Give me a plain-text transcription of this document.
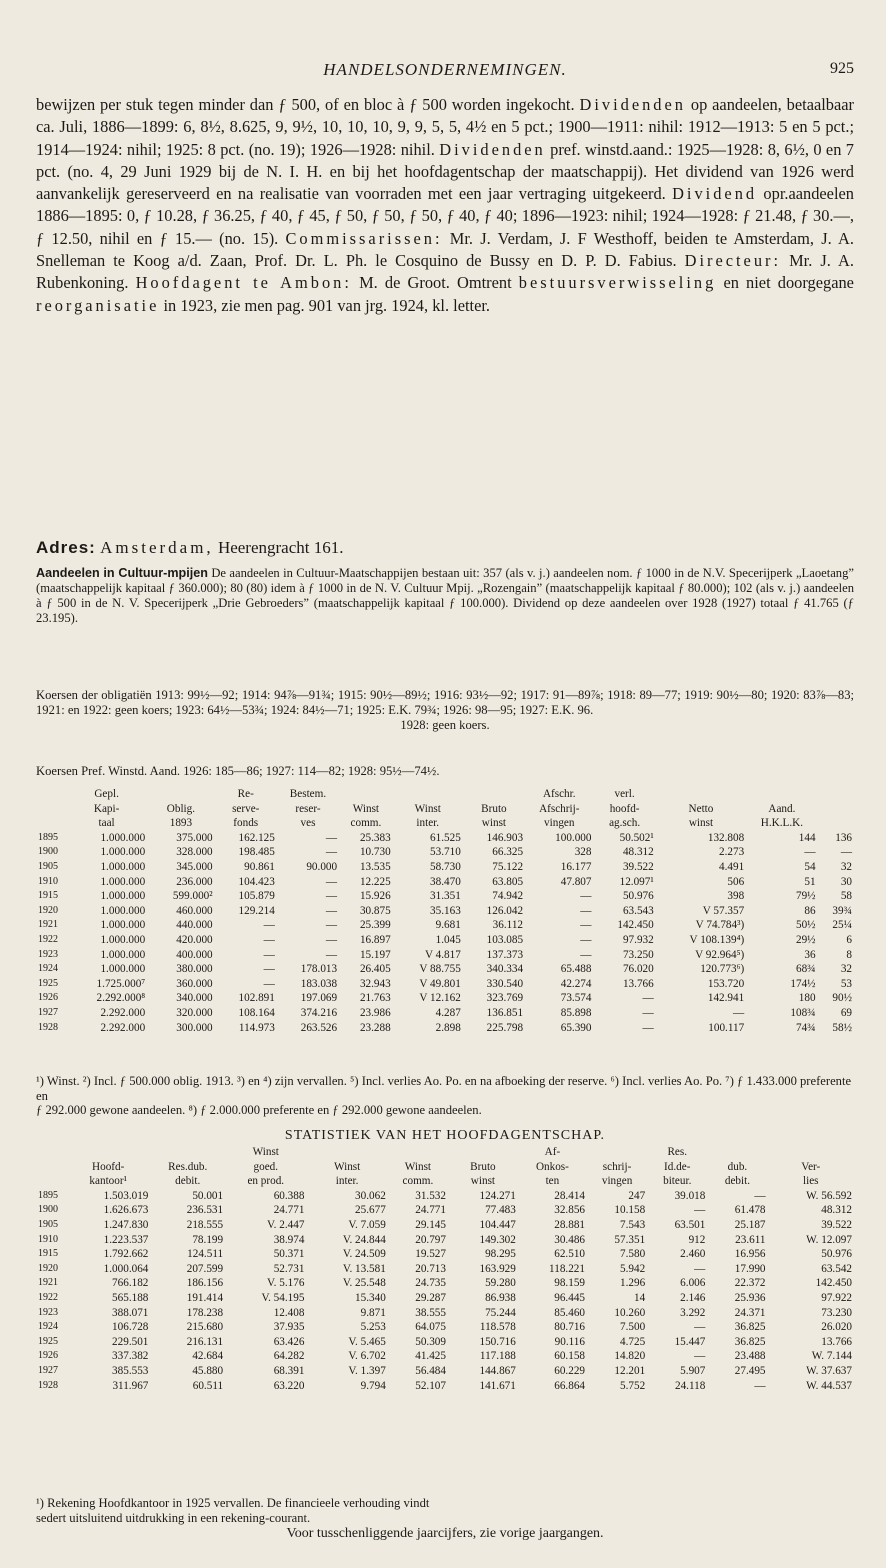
HANDELSONDERNEMINGEN.	925

bewijzen per stuk tegen minder dan ƒ 500, of en bloc à ƒ 500 worden ingekocht. Dividenden op aandeelen, betaalbaar ca. Juli, 1886—1899: 6, 8½, 8.625, 9, 9½, 10, 10, 10, 9, 9, 5, 5, 4½ en 5 pct.; 1900—1911: nihil: 1912—1913: 5 en 5 pct.; 1914—1924: nihil; 1925: 8 pct. (no. 19); 1926—1928: nihil. Dividenden pref. winstd.aand.: 1925—1928: 8, 6½, 0 en 7 pct. (no. 4, 29 Juni 1929 bij de N. I. H. en bij het hoofdagentschap der maatschappij). Het dividend van 1926 werd aanvankelijk gereserveerd en na realisatie van voorraden met een jaar vertraging uitgekeerd. Dividend opr.aandeelen 1886—1895: 0, ƒ 10.28, ƒ 36.25, ƒ 40, ƒ 45, ƒ 50, ƒ 50, ƒ 50, ƒ 40, ƒ 40; 1896—1923: nihil; 1924—1928: ƒ 21.48, ƒ 30.—, ƒ 12.50, nihil en ƒ 15.— (no. 15). Commissarissen: Mr. J. Verdam, J. F Westhoff, beiden te Amsterdam, J. A. Snelleman te Koog a/d. Zaan, Prof. Dr. L. Ph. le Cosquino de Bussy en D. P. D. Fabius. Directeur: Mr. J. A. Rubenkoning. Hoofdagent te Ambon: M. de Groot. Omtrent bestuursverwisseling en niet doorgegane reorganisatie in 1923, zie men pag. 901 van jrg. 1924, kl. letter.

Adres: Amsterdam, Heerengracht 161.
Aandeelen in Cultuur-mpijen De aandeelen in Cultuur-Maatschappijen bestaan uit: 357 (als v. j.) aandeelen nom. ƒ 1000 in de N.V. Specerijperk „Laoetang” (maatschappelijk kapitaal ƒ 360.000); 80 (80) idem à ƒ 1000 in de N. V. Cultuur Mpij. „Rozengain” (maatschappelijk kapitaal ƒ 80.000); 102 (als v. j.) aandeelen à ƒ 500 in de N. V. Specerijperk „Drie Gebroeders” (maatschappelijk kapitaal ƒ 100.000). Dividend op deze aandeelen over 1928 (1927) totaal ƒ 41.765 (ƒ 23.195).
Koersen der obligatiën 1913: 99½—92; 1914: 94⅞—91¾; 1915: 90½—89½; 1916: 93½—92; 1917: 91—89⅞; 1918: 89—77; 1919: 90½—80; 1920: 83⅞—83; 1921: en 1922: geen koers; 1923: 64½—53¾; 1924: 84½—71; 1925: E.K. 79¾; 1926: 98—95; 1927: E.K. 96.
1928: geen koers.
Koersen Pref. Winstd. Aand. 1926: 185—86; 1927: 114—82; 1928: 95½—74½.
	Gepl.		Re-	Bestem.				Afschr.	verl.			
	Kapi-	Oblig.	serve-	reser-	Winst	Winst	Bruto	Afschrij-	hoofd-	Netto	Aand.	
	taal	1893	fonds	ves	comm.	inter.	winst	vingen	ag.sch.	winst	H.K.L.K.	
1895	1.000.000	375.000	162.125	—	25.383	61.525	146.903	100.000	50.502¹	132.808	144	136
1900	1.000.000	328.000	198.485	—	10.730	53.710	66.325	328	48.312	2.273	—	—
1905	1.000.000	345.000	90.861	90.000	13.535	58.730	75.122	16.177	39.522	4.491	54	32
1910	1.000.000	236.000	104.423	—	12.225	38.470	63.805	47.807	12.097¹	506	51	30
1915	1.000.000	599.000²	105.879	—	15.926	31.351	74.942	—	50.976	398	79½	58
1920	1.000.000	460.000	129.214	—	30.875	35.163	126.042	—	63.543	V 57.357	86	39¾
1921	1.000.000	440.000	—	—	25.399	9.681	36.112	—	142.450	V 74.784³)	50½	25¼
1922	1.000.000	420.000	—	—	16.897	1.045	103.085	—	97.932	V 108.139⁴)	29½	6
1923	1.000.000	400.000	—	—	15.197	V 4.817	137.373	—	73.250	V 92.964⁵)	36	8
1924	1.000.000	380.000	—	178.013	26.405	V 88.755	340.334	65.488	76.020	120.773⁶)	68¾	32
1925	1.725.000⁷	360.000	—	183.038	32.943	V 49.801	330.540	42.274	13.766	153.720	174½	53
1926	2.292.000⁸	340.000	102.891	197.069	21.763	V 12.162	323.769	73.574	—	142.941	180	90½
1927	2.292.000	320.000	108.164	374.216	23.986	4.287	136.851	85.898	—	—	108¾	69
1928	2.292.000	300.000	114.973	263.526	23.288	2.898	225.798	65.390	—	100.117	74¾	58½
¹) Winst. ²) Incl. ƒ 500.000 oblig. 1913. ³) en ⁴) zijn vervallen. ⁵) Incl. verlies Ao. Po. en na afboeking der reserve. ⁶) Incl. verlies Ao. Po. ⁷) ƒ 1.433.000 preferente en
ƒ 292.000 gewone aandeelen. ⁸) ƒ 2.000.000 preferente en ƒ 292.000 gewone aandeelen.
STATISTIEK VAN HET HOOFDAGENTSCHAP.
			Winst				Af-		Res.		
	Hoofd-	Res.dub.	goed.	Winst	Winst	Bruto	Onkos-	schrij-	Id.de-	dub.	Ver-
	kantoor¹	debit.	en prod.	inter.	comm.	winst	ten	vingen	biteur.	debit.	lies
1895	1.503.019	50.001	60.388	30.062	31.532	124.271	28.414	247	39.018	—	W. 56.592
1900	1.626.673	236.531	24.771	25.677	24.771	77.483	32.856	10.158	—	61.478	48.312
1905	1.247.830	218.555	V. 2.447	V. 7.059	29.145	104.447	28.881	7.543	63.501	25.187	39.522
1910	1.223.537	78.199	38.974	V. 24.844	20.797	149.302	30.486	57.351	912	23.611	W. 12.097
1915	1.792.662	124.511	50.371	V. 24.509	19.527	98.295	62.510	7.580	2.460	16.956	50.976
1920	1.000.064	207.599	52.731	V. 13.581	20.713	163.929	118.221	5.942	—	17.990	63.542
1921	766.182	186.156	V. 5.176	V. 25.548	24.735	59.280	98.159	1.296	6.006	22.372	142.450
1922	565.188	191.414	V. 54.195	15.340	29.287	86.938	96.445	14	2.146	25.936	97.922
1923	388.071	178.238	12.408	9.871	38.555	75.244	85.460	10.260	3.292	24.371	73.230
1924	106.728	215.680	37.935	5.253	64.075	118.578	80.716	7.500	—	36.825	26.020
1925	229.501	216.131	63.426	V. 5.465	50.309	150.716	90.116	4.725	15.447	36.825	13.766
1926	337.382	42.684	64.282	V. 6.702	41.425	117.188	60.158	14.820	—	23.488	W. 7.144
1927	385.553	45.880	68.391	V. 1.397	56.484	144.867	60.229	12.201	5.907	27.495	W. 37.637
1928	311.967	60.511	63.220	9.794	52.107	141.671	66.864	5.752	24.118	—	W. 44.537
¹) Rekening Hoofdkantoor in 1925 vervallen. De financieele verhouding vindt
sedert uitsluitend uitdrukking in een rekening-courant.
Voor tusschenliggende jaarcijfers, zie vorige jaargangen.
